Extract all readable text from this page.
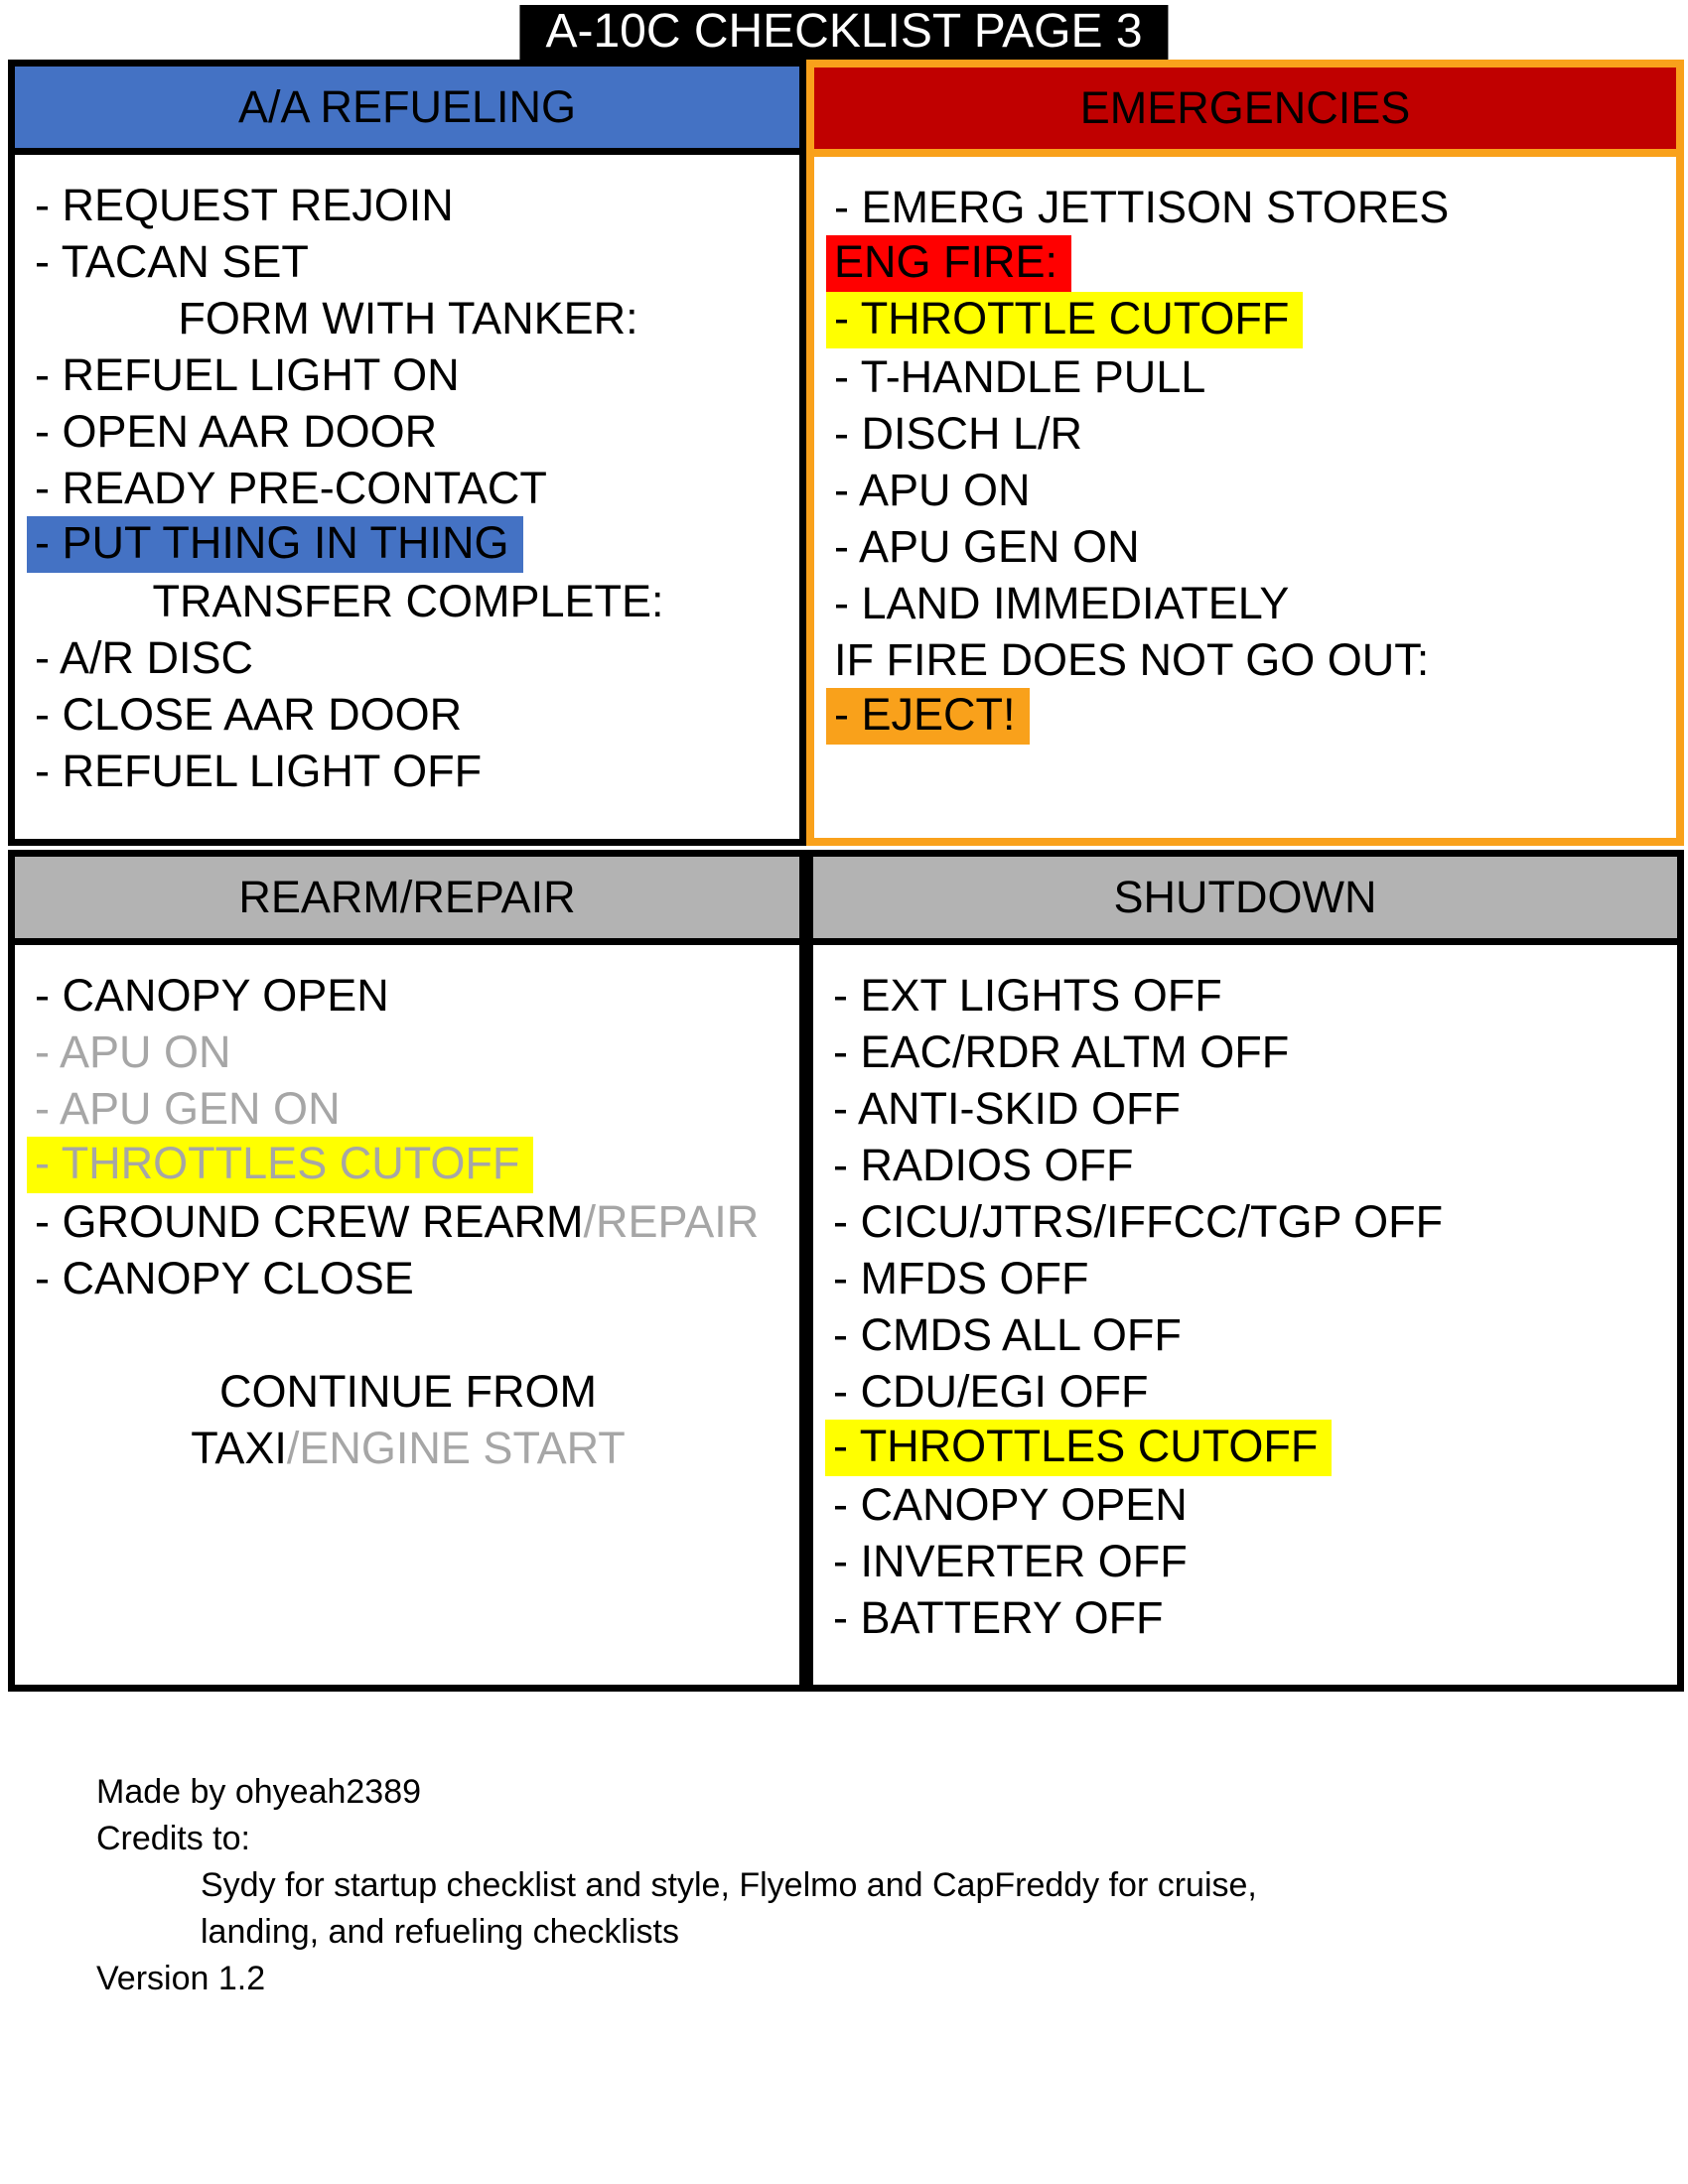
A-10C CHECKLIST PAGE 3
A/A REFUELING
- REQUEST REJOIN
- TACAN SET
FORM WITH TANKER:
- REFUEL LIGHT ON
- OPEN AAR DOOR
- READY PRE-CONTACT
- PUT THING IN THING
TRANSFER COMPLETE:
- A/R DISC
- CLOSE AAR DOOR
- REFUEL LIGHT OFF
EMERGENCIES
- EMERG JETTISON STORES
ENG FIRE:
- THROTTLE CUTOFF
- T-HANDLE PULL
- DISCH L/R
- APU ON
- APU GEN ON
- LAND IMMEDIATELY
IF FIRE DOES NOT GO OUT:
- EJECT!
REARM/REPAIR
- CANOPY OPEN
- APU ON
- APU GEN ON
- THROTTLES CUTOFF
- GROUND CREW REARM/REPAIR
- CANOPY CLOSE
CONTINUE FROM
TAXI/ENGINE START
SHUTDOWN
- EXT LIGHTS OFF
- EAC/RDR ALTM OFF
- ANTI-SKID OFF
- RADIOS OFF
- CICU/JTRS/IFFCC/TGP OFF
- MFDS OFF
- CMDS ALL OFF
- CDU/EGI OFF
- THROTTLES CUTOFF
- CANOPY OPEN
- INVERTER OFF
- BATTERY OFF
Made by ohyeah2389
Credits to:
Sydy for startup checklist and style, Flyelmo and CapFreddy for cruise,
landing, and refueling checklists
Version 1.2
